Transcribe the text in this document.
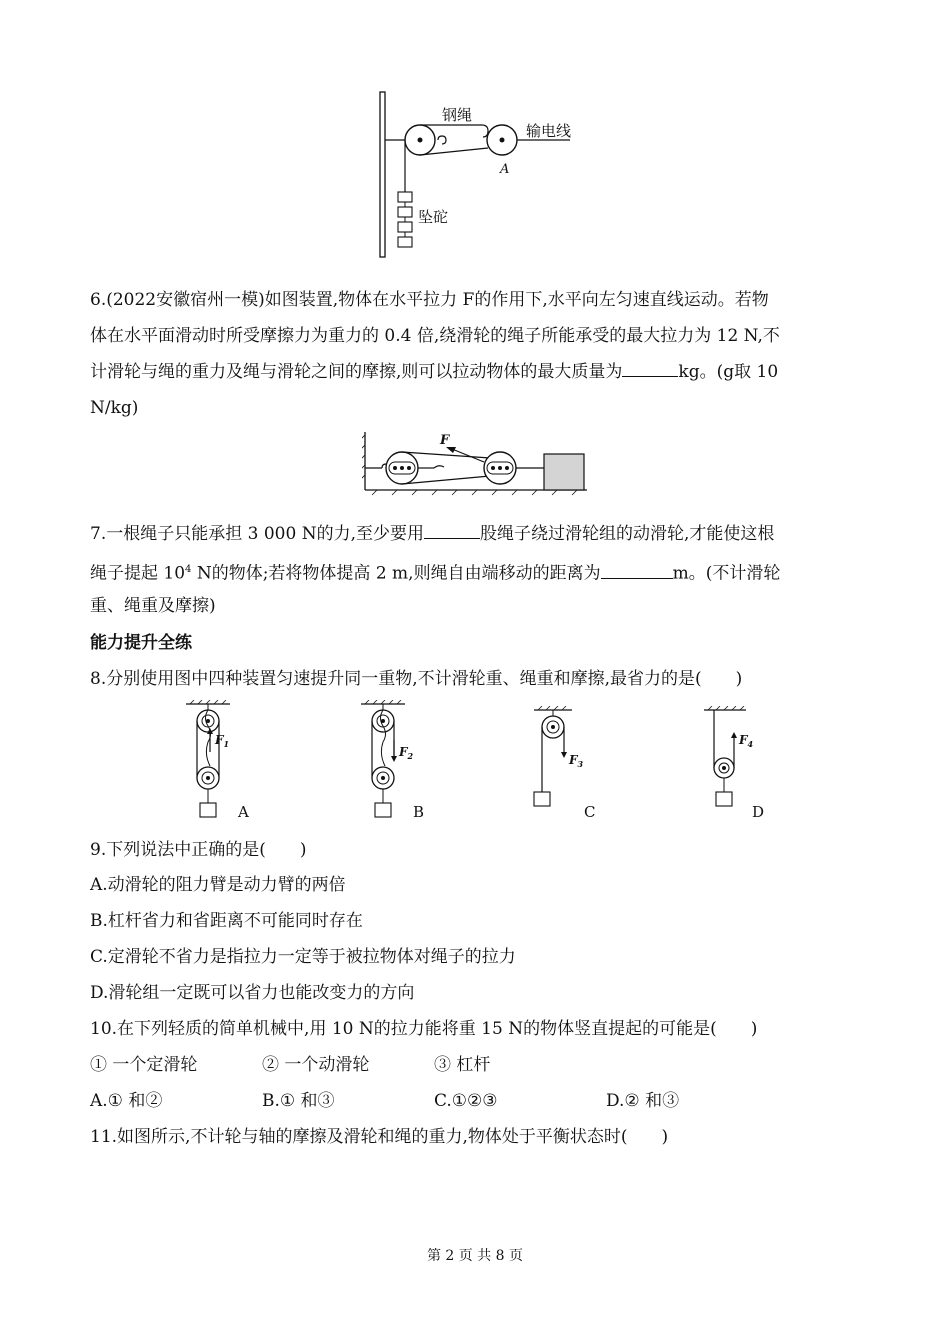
钢绳
输电线
坠砣
A
6.(2022安徽宿州一模)如图装置,物体在水平拉力 F的作用下,水平向左匀速直线运动。若物
体在水平面滑动时所受摩擦力为重力的 0.4 倍,绕滑轮的绳子所能承受的最大拉力为 12 N,不
计滑轮与绳的重力及绳与滑轮之间的摩擦,则可以拉动物体的最大质量为	kg。(g取 10
N/kg)
F
7.一根绳子只能承担 3 000 N的力,至少要用	股绳子绕过滑轮组的动滑轮,才能使这根
绳子提起 $10^4$ N的物体;若将物体提高 2 m,则绳自由端移动的距离为	m。(不计滑轮
重、绳重及摩擦)
能力提升全练
8.分别使用图中四种装置匀速提升同一重物,不计滑轮重、绳重和摩擦,最省力的是(　　)
$F_1$
A
$F_2$
B
$F_3$
C
$F_4$
D
9.下列说法中正确的是(　　)
A.动滑轮的阻力臂是动力臂的两倍
B.杠杆省力和省距离不可能同时存在
C.定滑轮不省力是指拉力一定等于被拉物体对绳子的拉力
D.滑轮组一定既可以省力也能改变力的方向
10.在下列轻质的简单机械中,用 10 N的拉力能将重 15 N的物体竖直提起的可能是(　　)
① 一个定滑轮	② 一个动滑轮	③ 杠杆
A.① 和②	B.① 和③	C.①②③	D.② 和③
11.如图所示,不计轮与轴的摩擦及滑轮和绳的重力,物体处于平衡状态时(　　)
第 2 页 共 8 页
